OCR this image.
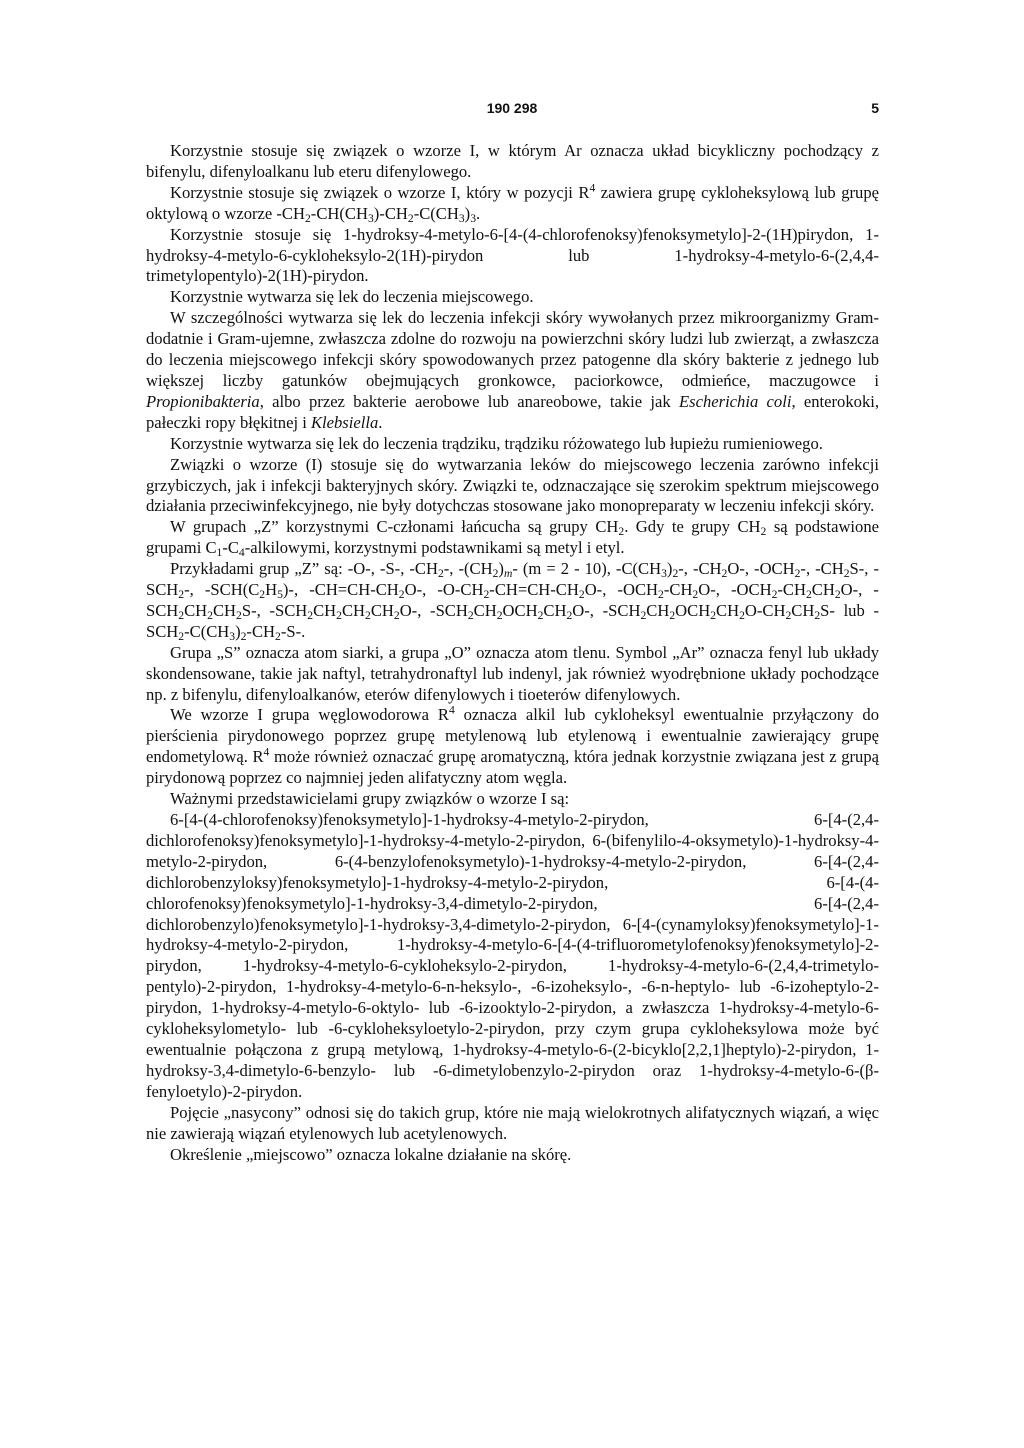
190 298	5

Korzystnie stosuje się związek o wzorze I, w którym Ar oznacza układ bicykliczny pochodzący z bifenylu, difenyloalkanu lub eteru difenylowego.

Korzystnie stosuje się związek o wzorze I, który w pozycji $R^4$ zawiera grupę cykloheksylową lub grupę oktylową o wzorze $-CH_2-CH(CH_3)-CH_2-C(CH_3)_3$.

Korzystnie stosuje się 1-hydroksy-4-metylo-6-[4-(4-chlorofenoksy)fenoksymetylo]-2-(1H)pirydon, 1-hydroksy-4-metylo-6-cykloheksylo-2(1H)-pirydon lub 1-hydroksy-4-metylo-6-(2,4,4-trimetylopentylo)-2(1H)-pirydon.

Korzystnie wytwarza się lek do leczenia miejscowego.

W szczególności wytwarza się lek do leczenia infekcji skóry wywołanych przez mikroorganizmy Gram-dodatnie i Gram-ujemne, zwłaszcza zdolne do rozwoju na powierzchni skóry ludzi lub zwierząt, a zwłaszcza do leczenia miejscowego infekcji skóry spowodowanych przez patogenne dla skóry bakterie z jednego lub większej liczby gatunków obejmujących gronkowce, paciorkowce, odmieńce, maczugowce i Propionibakteria, albo przez bakterie aerobowe lub anareobowe, takie jak Escherichia coli, enterokoki, pałeczki ropy błękitnej i Klebsiella.

Korzystnie wytwarza się lek do leczenia trądziku, trądziku różowatego lub łupieżu rumieniowego.

Związki o wzorze (I) stosuje się do wytwarzania leków do miejscowego leczenia zarówno infekcji grzybiczych, jak i infekcji bakteryjnych skóry. Związki te, odznaczające się szerokim spektrum miejscowego działania przeciwinfekcyjnego, nie były dotychczas stosowane jako monopreparaty w leczeniu infekcji skóry.

W grupach „Z” korzystnymi C-członami łańcucha są grupy $CH_2$. Gdy te grupy $CH_2$ są podstawione grupami $C_1-C_4$-alkilowymi, korzystnymi podstawnikami są metyl i etyl.

Przykładami grup „Z” są: -O-, -S-, $-CH_2-$, $-(CH_2)_m-$ (m = 2 - 10), $-C(CH_3)_2-$, $-CH_2O-$, $-OCH_2-$, $-CH_2S-$, $-SCH_2-$, $-SCH(C_2H_5)-$, $-CH=CH-CH_2O-$, $-O-CH_2-CH=CH-CH_2O-$, $-OCH_2-CH_2O-$, $-OCH_2-CH_2CH_2O-$, $-SCH_2CH_2CH_2S-$, $-SCH_2CH_2CH_2CH_2O-$, $-SCH_2CH_2OCH_2CH_2O-$, $-SCH_2CH_2OCH_2CH_2O-CH_2CH_2S-$ lub $-SCH_2-C(CH_3)_2-CH_2-S-$.

Grupa „S” oznacza atom siarki, a grupa „O” oznacza atom tlenu. Symbol „Ar” oznacza fenyl lub układy skondensowane, takie jak naftyl, tetrahydronaftyl lub indenyl, jak również wyodrębnione układy pochodzące np. z bifenylu, difenyloalkanów, eterów difenylowych i tioeterów difenylowych.

We wzorze I grupa węglowodorowa $R^4$ oznacza alkil lub cykloheksyl ewentualnie przyłączony do pierścienia pirydonowego poprzez grupę metylenową lub etylenową i ewentualnie zawierający grupę endometylową. $R^4$ może również oznaczać grupę aromatyczną, która jednak korzystnie związana jest z grupą pirydonową poprzez co najmniej jeden alifatyczny atom węgla.

Ważnymi przedstawicielami grupy związków o wzorze I są:

6-[4-(4-chlorofenoksy)fenoksymetylo]-1-hydroksy-4-metylo-2-pirydon, 6-[4-(2,4-dichlorofenoksy)fenoksymetylo]-1-hydroksy-4-metylo-2-pirydon, 6-(bifenylilo-4-oksymetylo)-1-hydroksy-4-metylo-2-pirydon, 6-(4-benzylofenoksymetylo)-1-hydroksy-4-metylo-2-pirydon, 6-[4-(2,4-dichlorobenzyloksy)fenoksymetylo]-1-hydroksy-4-metylo-2-pirydon, 6-[4-(4-chlorofenoksy)fenoksymetylo]-1-hydroksy-3,4-dimetylo-2-pirydon, 6-[4-(2,4-dichlorobenzylo)fenoksymetylo]-1-hydroksy-3,4-dimetylo-2-pirydon, 6-[4-(cynamyloksy)fenoksymetylo]-1-hydroksy-4-metylo-2-pirydon, 1-hydroksy-4-metylo-6-[4-(4-trifluorometylofenoksy)fenoksymetylo]-2-pirydon, 1-hydroksy-4-metylo-6-cykloheksylo-2-pirydon, 1-hydroksy-4-metylo-6-(2,4,4-trimetylo-pentylo)-2-pirydon, 1-hydroksy-4-metylo-6-n-heksylo-, -6-izoheksylo-, -6-n-heptylo- lub -6-izoheptylo-2-pirydon, 1-hydroksy-4-metylo-6-oktylo- lub -6-izooktylo-2-pirydon, a zwłaszcza 1-hydroksy-4-metylo-6-cykloheksylometylo- lub -6-cykloheksyloetylo-2-pirydon, przy czym grupa cykloheksylowa może być ewentualnie połączona z grupą metylową, 1-hydroksy-4-metylo-6-(2-bicyklo[2,2,1]heptylo)-2-pirydon, 1-hydroksy-3,4-dimetylo-6-benzylo- lub -6-dimetylobenzylo-2-pirydon oraz 1-hydroksy-4-metylo-6-(β-fenyloetylo)-2-pirydon.

Pojęcie „nasycony” odnosi się do takich grup, które nie mają wielokrotnych alifatycznych wiązań, a więc nie zawierają wiązań etylenowych lub acetylenowych.

Określenie „miejscowo” oznacza lokalne działanie na skórę.
